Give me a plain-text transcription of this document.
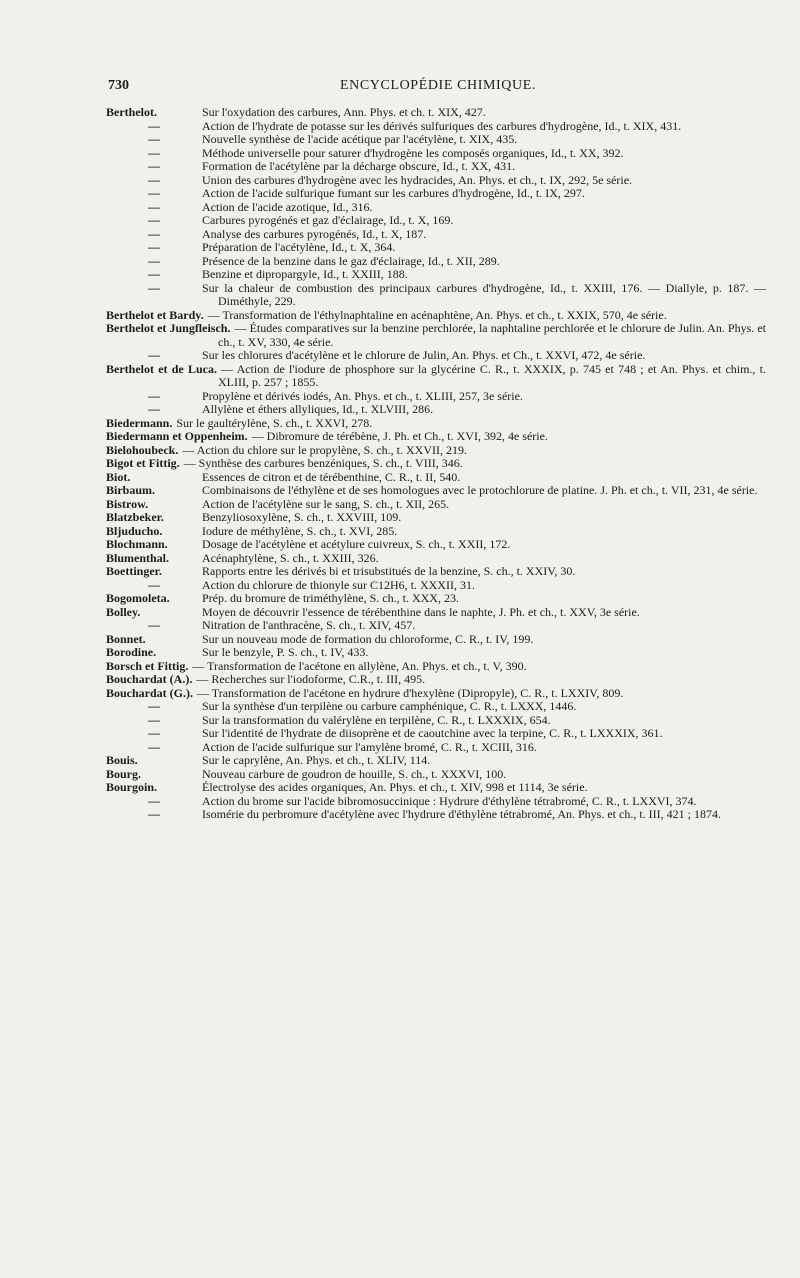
730	ENCYCLOPÉDIE CHIMIQUE.
Berthelot.	Sur l'oxydation des carbures, Ann. Phys. et ch. t. XIX, 427.
—	Action de l'hydrate de potasse sur les dérivés sulfuriques des carbures d'hydrogène, Id., t. XIX, 431.
—	Nouvelle synthèse de l'acide acétique par l'acétylène, t. XIX, 435.
—	Méthode universelle pour saturer d'hydrogène les composés organiques, Id., t. XX, 392.
—	Formation de l'acétylène par la décharge obscure, Id., t. XX, 431.
—	Union des carbures d'hydrogène avec les hydracides, An. Phys. et ch., t. IX, 292, 5e série.
—	Action de l'acide sulfurique fumant sur les carbures d'hydrogène, Id., t. IX, 297.
—	Action de l'acide azotique, Id., 316.
—	Carbures pyrogénés et gaz d'éclairage, Id., t. X, 169.
—	Analyse des carbures pyrogénés, Id., t. X, 187.
—	Préparation de l'acétylène, Id., t. X, 364.
—	Présence de la benzine dans le gaz d'éclairage, Id., t. XII, 289.
—	Benzine et dipropargyle, Id., t. XXIII, 188.
—	Sur la chaleur de combustion des principaux carbures d'hydrogène, Id., t. XXIII, 176. — Diallyle, p. 187. — Diméthyle, 229.
Berthelot et Bardy. — Transformation de l'éthylnaphtaline en acénaphtène, An. Phys. et ch., t. XXIX, 570, 4e série.
Berthelot et Jungfleisch. — Études comparatives sur la benzine perchlorée, la naphtaline perchlorée et le chlorure de Julin. An. Phys. et ch., t. XV, 330, 4e série.
—	Sur les chlorures d'acétylène et le chlorure de Julin, An. Phys. et Ch., t. XXVI, 472, 4e série.
Berthelot et de Luca. — Action de l'iodure de phosphore sur la glycérine C. R., t. XXXIX, p. 745 et 748 ; et An. Phys. et chim., t. XLIII, p. 257 ; 1855.
—	Propylène et dérivés iodés, An. Phys. et ch., t. XLIII, 257, 3e série.
—	Allylène et éthers allyliques, Id., t. XLVIII, 286.
Biedermann. Sur le gaultérylène, S. ch., t. XXVI, 278.
Biedermann et Oppenheim. — Dibromure de térébène, J. Ph. et Ch., t. XVI, 392, 4e série.
Bielohoubeck. — Action du chlore sur le propylène, S. ch., t. XXVII, 219.
Bigot et Fittig. — Synthèse des carbures benzéniques, S. ch., t. VIII, 346.
Biot.	Essences de citron et de térébenthine, C. R., t. II, 540.
Birbaum.	Combinaisons de l'éthylène et de ses homologues avec le protochlorure de platine. J. Ph. et ch., t. VII, 231, 4e série.
Bistrow.	Action de l'acétylène sur le sang, S. ch., t. XII, 265.
Blatzbeker.	Benzyliosoxylène, S. ch., t. XXVIII, 109.
Bljuducho.	Iodure de méthylène, S. ch., t. XVI, 285.
Blochmann.	Dosage de l'acétylène et acétylure cuivreux, S. ch., t. XXII, 172.
Blumenthal.	Acénaphtylène, S. ch., t. XXIII, 326.
Boettinger.	Rapports entre les dérivés bi et trisubstitués de la benzine, S. ch., t. XXIV, 30.
—	Action du chlorure de thionyle sur C12H6, t. XXXII, 31.
Bogomoleta.	Prép. du bromure de triméthylène, S. ch., t. XXX, 23.
Bolley.	Moyen de découvrir l'essence de térébenthine dans le naphte, J. Ph. et ch., t. XXV, 3e série.
—	Nitration de l'anthracène, S. ch., t. XIV, 457.
Bonnet.	Sur un nouveau mode de formation du chloroforme, C. R., t. IV, 199.
Borodine.	Sur le benzyle, P. S. ch., t. IV, 433.
Borsch et Fittig. — Transformation de l'acétone en allylène, An. Phys. et ch., t. V, 390.
Bouchardat (A.). — Recherches sur l'iodoforme, C.R., t. III, 495.
Bouchardat (G.). — Transformation de l'acétone en hydrure d'hexylène (Dipropyle), C. R., t. LXXIV, 809.
—	Sur la synthèse d'un terpilène ou carbure camphénique, C. R., t. LXXX, 1446.
—	Sur la transformation du valérylène en terpilène, C. R., t. LXXXIX, 654.
—	Sur l'identité de l'hydrate de diisoprène et de caoutchine avec la terpine, C. R., t. LXXXIX, 361.
—	Action de l'acide sulfurique sur l'amylène bromé, C. R., t. XCIII, 316.
Bouis.	Sur le caprylène, An. Phys. et ch., t. XLIV, 114.
Bourg.	Nouveau carbure de goudron de houille, S. ch., t. XXXVI, 100.
Bourgoin.	Électrolyse des acides organiques, An. Phys. et ch., t. XIV, 998 et 1114, 3e série.
—	Action du brome sur l'acide bibromosuccinique : Hydrure d'éthylène tétrabromé, C. R., t. LXXVI, 374.
—	Isomérie du perbromure d'acétylène avec l'hydrure d'éthylène tétrabromé, An. Phys. et ch., t. III, 421 ; 1874.
